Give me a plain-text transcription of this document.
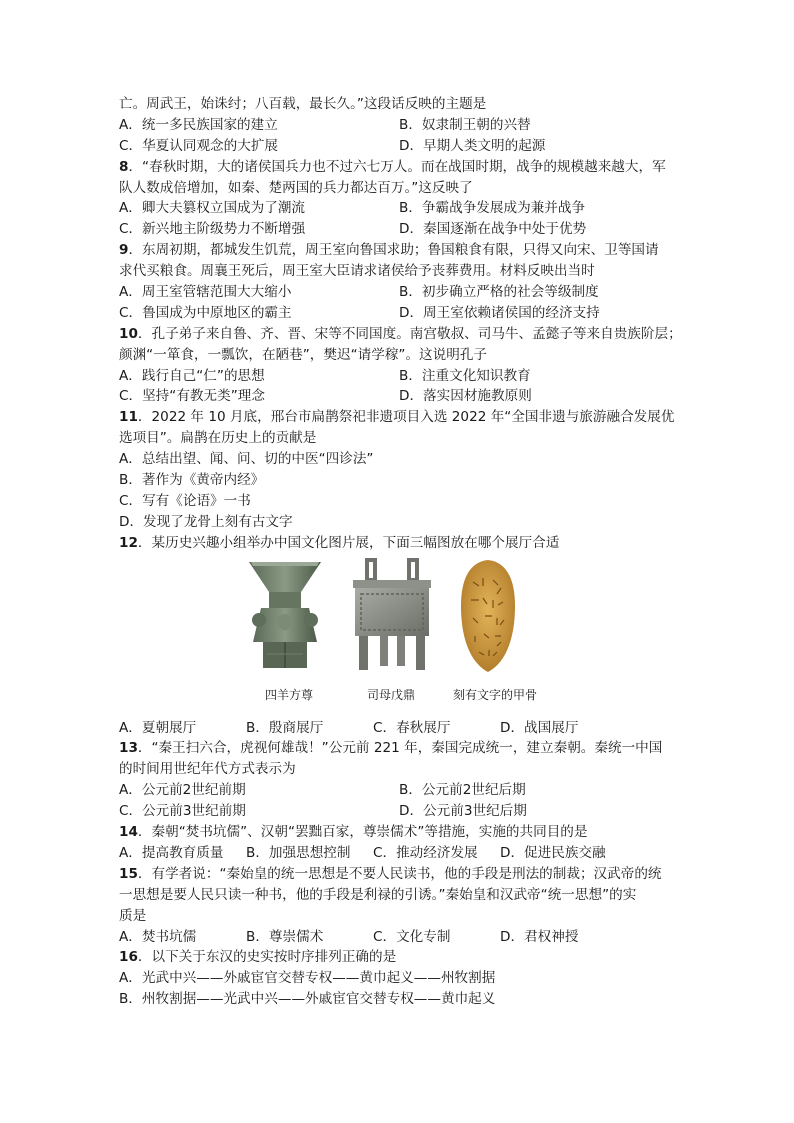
亡。周武王，始诛纣；八百载，最长久。”这段话反映的主题是
A．统一多民族国家的建立	B．奴隶制王朝的兴替
C．华夏认同观念的大扩展	D．早期人类文明的起源
8．“春秋时期，大的诸侯国兵力也不过六七万人。而在战国时期，战争的规模越来越大，军
队人数成倍增加，如秦、楚两国的兵力都达百万。”这反映了
A．卿大夫篡权立国成为了潮流	B．争霸战争发展成为兼并战争
C．新兴地主阶级势力不断增强	D．秦国逐渐在战争中处于优势
9．东周初期，都城发生饥荒，周王室向鲁国求助；鲁国粮食有限，只得又向宋、卫等国请
求代买粮食。周襄王死后，周王室大臣请求诸侯给予丧葬费用。材料反映出当时
A．周王室管辖范围大大缩小	B．初步确立严格的社会等级制度
C．鲁国成为中原地区的霸主	D．周王室依赖诸侯国的经济支持
10．孔子弟子来自鲁、齐、晋、宋等不同国度。南宫敬叔、司马牛、孟懿子等来自贵族阶层；
颜渊“一箪食，一瓢饮，在陋巷”，樊迟“请学稼”。这说明孔子
A．践行自己“仁”的思想	B．注重文化知识教育
C．坚持“有教无类”理念	D．落实因材施教原则
11．2022 年 10 月底，邢台市扁鹊祭祀非遗项目入选 2022 年“全国非遗与旅游融合发展优
选项目”。扁鹊在历史上的贡献是
A．总结出望、闻、问、切的中医“四诊法”
B．著作为《黄帝内经》
C．写有《论语》一书
D．发现了龙骨上刻有古文字
12．某历史兴趣小组举办中国文化图片展，下面三幅图放在哪个展厅合适
四羊方尊	司母戊鼎	刻有文字的甲骨
A．夏朝展厅	B．殷商展厅	C．春秋展厅	D．战国展厅
13．“秦王扫六合，虎视何雄哉！”公元前 221 年，秦国完成统一，建立秦朝。秦统一中国
的时间用世纪年代方式表示为
A．公元前2世纪前期	B．公元前2世纪后期
C．公元前3世纪前期	D．公元前3世纪后期
14．秦朝“焚书坑儒”、汉朝“罢黜百家，尊崇儒术”等措施，实施的共同目的是
A．提高教育质量	B．加强思想控制	C．推动经济发展	D．促进民族交融
15．有学者说：“秦始皇的统一思想是不要人民读书，他的手段是刑法的制裁；汉武帝的统
一思想是要人民只读一种书，他的手段是利禄的引诱。”秦始皇和汉武帝“统一思想”的实
质是
A．焚书坑儒	B．尊崇儒术	C．文化专制	D．君权神授
16．以下关于东汉的史实按时序排列正确的是
A．光武中兴——外戚宦官交替专权——黄巾起义——州牧割据
B．州牧割据——光武中兴——外戚宦官交替专权——黄巾起义
